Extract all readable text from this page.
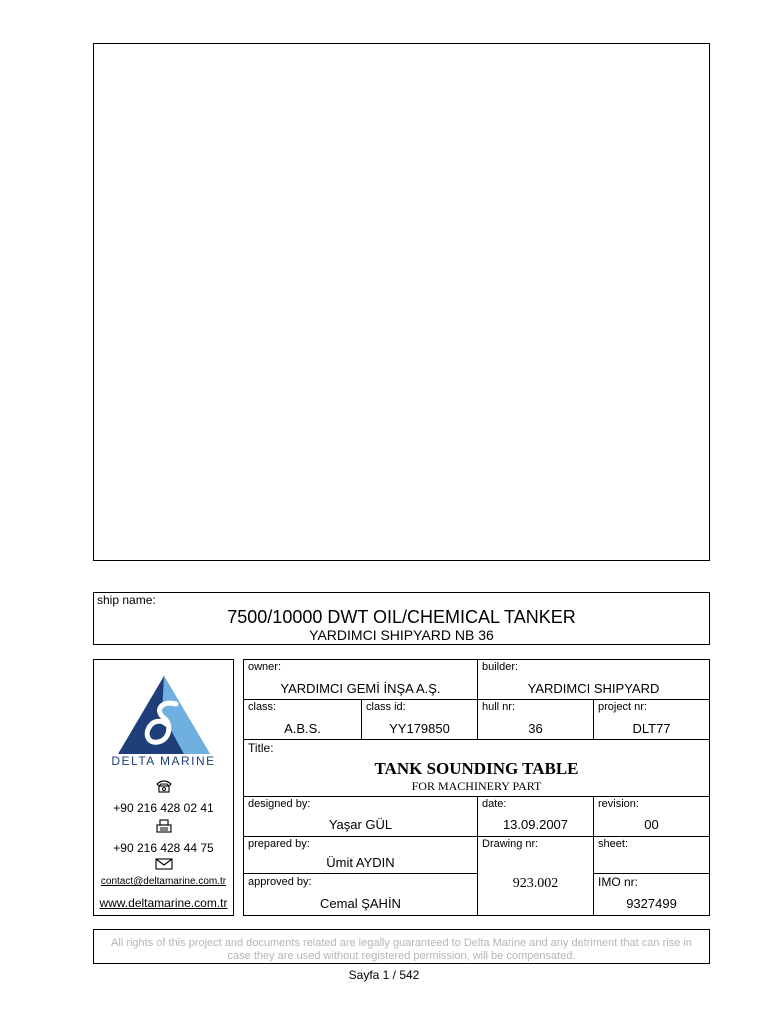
ship name:
7500/10000 DWT OIL/CHEMICAL TANKER
YARDIMCI SHIPYARD NB 36
DELTA MARINE
+90 216 428 02 41
+90 216 428 44 75
contact@deltamarine.com.tr
www.deltamarine.com.tr
owner:
YARDIMCI GEMİ İNŞA A.Ş.
builder:
YARDIMCI SHIPYARD
class:
A.B.S.
class id:
YY179850
hull nr:
36
project nr:
DLT77
Title:
TANK SOUNDING TABLE
FOR MACHINERY PART
designed by:
Yaşar GÜL
date:
13.09.2007
revision:
00
prepared by:
Ümit AYDIN
Drawing nr:
923.002
sheet:
approved by:
Cemal ŞAHİN
IMO nr:
9327499
All rights of this project and documents related are legally guaranteed to Delta Marine and any detriment that can rise in case they are used without registered permission, will be compensated.
Sayfa 1 / 542
